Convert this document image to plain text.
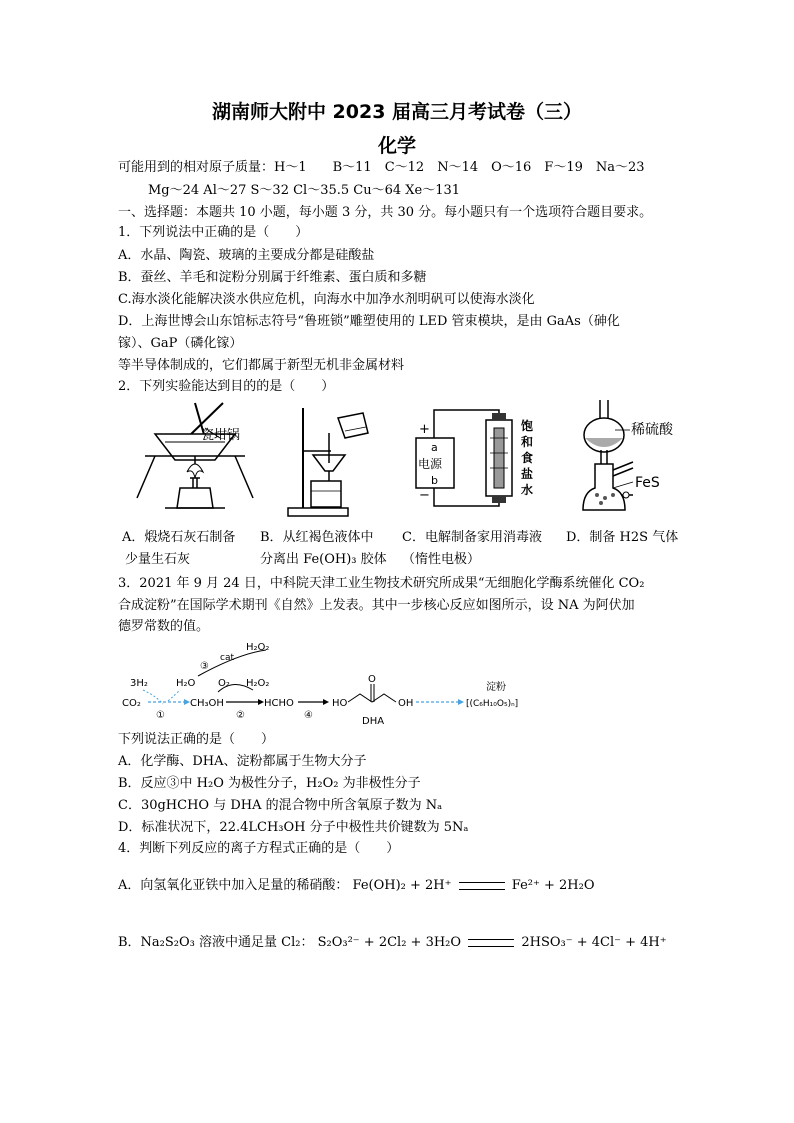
湖南师大附中 2023 届高三月考试卷（三）
化学
可能用到的相对原子质量：H～1　　B～11　C～12　N～14　O～16　F～19　Na～23
Mg～24 Al～27 S～32 Cl～35.5 Cu～64 Xe～131
一、选择题：本题共 10 小题，每小题 3 分，共 30 分。每小题只有一个选项符合题目要求。
1．下列说法中正确的是（　　）
A．水晶、陶瓷、玻璃的主要成分都是硅酸盐
B．蚕丝、羊毛和淀粉分别属于纤维素、蛋白质和多糖
C.海水淡化能解决淡水供应危机，向海水中加净水剂明矾可以使海水淡化
D．上海世博会山东馆标志符号“鲁班锁”雕塑使用的 LED 管束模块，是由 GaAs（砷化
镓）、GaP（磷化镓）
等半导体制成的，它们都属于新型无机非金属材料
2．下列实验能达到目的的是（　　）
瓷坩锅
a
电源
b
+
−
饱
和
食
盐
水
稀硫酸
FeS
A．煅烧石灰石制备
少量生石灰
B．从红褐色液体中
分离出 Fe(OH)₃ 胶体
C．电解制备家用消毒液
（惰性电极）
D．制备 H2S 气体
3．2021 年 9 月 24 日，中科院天津工业生物技术研究所成果“无细胞化学酶系统催化 CO₂
合成淀粉”在国际学术期刊《自然》上发表。其中一步核心反应如图所示，设 NA 为阿伏加
德罗常数的值。
H₂O₂
cat
③
3H₂	H₂O O₂ H₂O₂
CO₂
①
CH₃OH
②
HCHO
④
HO
O
OH
DHA
淀粉
[(C₆H₁₀O₅)ₙ]
下列说法正确的是（　　）
A．化学酶、DHA、淀粉都属于生物大分子
B．反应③中 H₂O 为极性分子，H₂O₂ 为非极性分子
C．30gHCHO 与 DHA 的混合物中所含氧原子数为 Nₐ
D．标准状况下，22.4LCH₃OH 分子中极性共价键数为 5Nₐ
4．判断下列反应的离子方程式正确的是（　　）
A．向氢氧化亚铁中加入足量的稀硝酸： Fe(OH)₂ + 2H⁺	Fe²⁺ + 2H₂O
B．Na₂S₂O₃ 溶液中通足量 Cl₂： S₂O₃²⁻ + 2Cl₂ + 3H₂O	2HSO₃⁻ + 4Cl⁻ + 4H⁺
